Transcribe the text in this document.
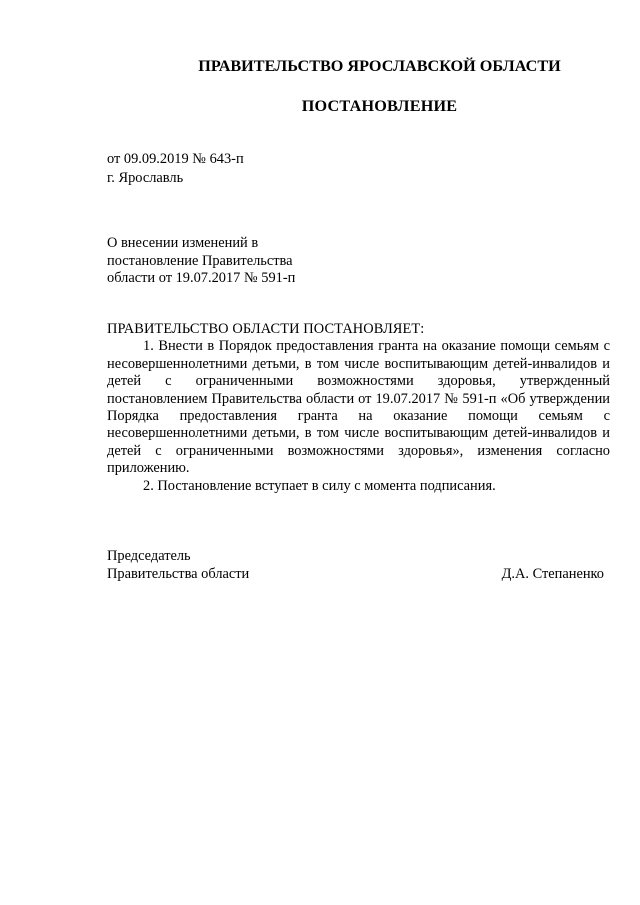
ПРАВИТЕЛЬСТВО ЯРОСЛАВСКОЙ ОБЛАСТИ
ПОСТАНОВЛЕНИЕ
от 09.09.2019 № 643-п
г. Ярославль
О внесении изменений в
постановление Правительства
области от 19.07.2017 № 591-п

ПРАВИТЕЛЬСТВО ОБЛАСТИ ПОСТАНОВЛЯЕТ:

1. Внести в Порядок предоставления гранта на оказание помощи семьям с несовершеннолетними детьми, в том числе воспитывающим детей-инвалидов и детей с ограниченными возможностями здоровья, утвержденный постановлением Правительства области от 19.07.2017 № 591-п «Об утверждении Порядка предоставления гранта на оказание помощи семьям с несовершеннолетними детьми, в том числе воспитывающим детей-инвалидов и детей с ограниченными возможностями здоровья», изменения согласно приложению.

2. Постановление вступает в силу с момента подписания.

Председатель
Правительства области	Д.А. Степаненко
